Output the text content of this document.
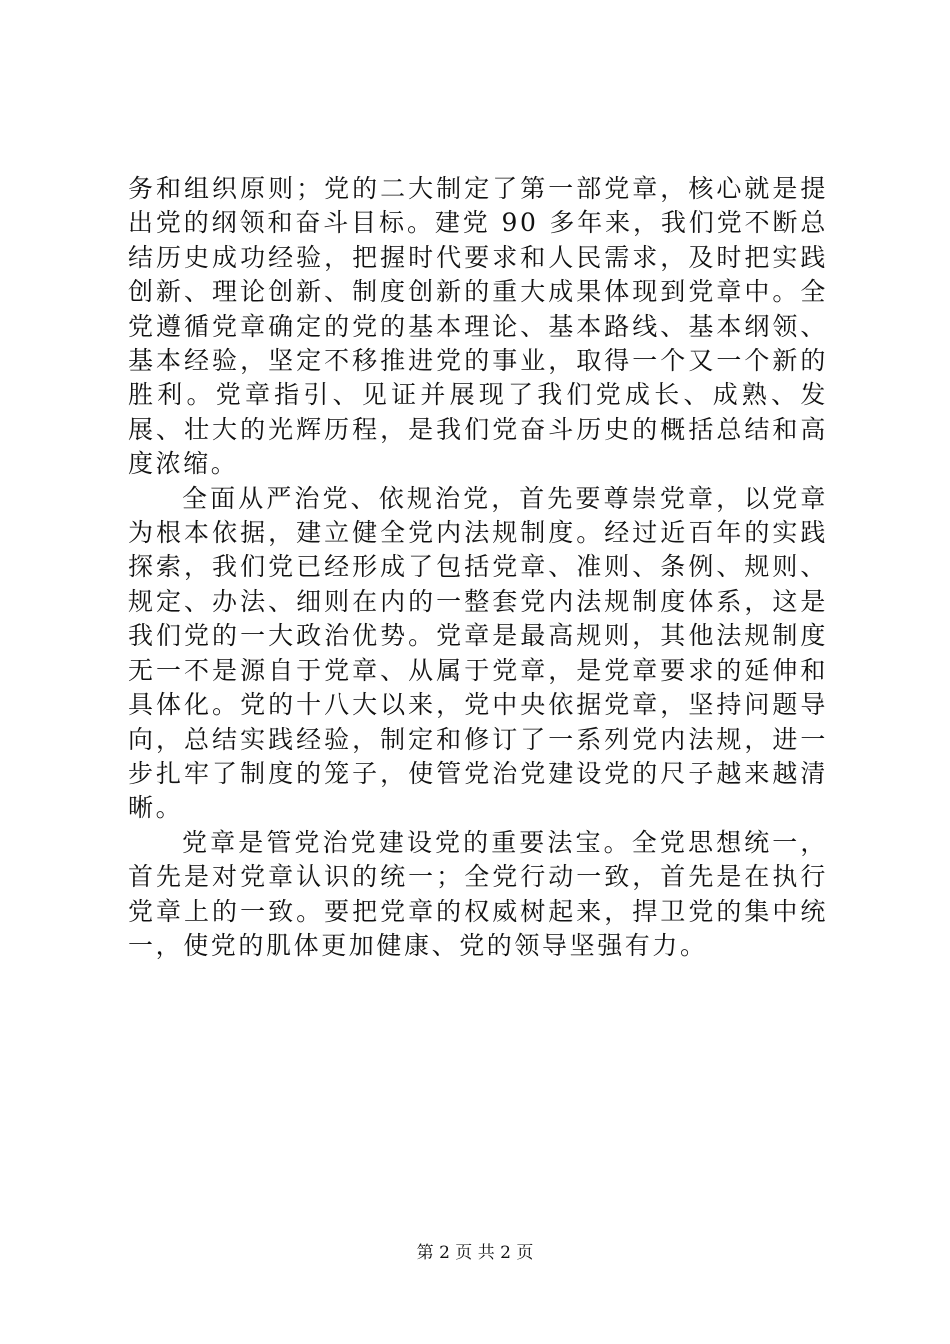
务和组织原则；党的二大制定了第一部党章，核心就是提出党的纲领和奋斗目标。建党 90 多年来，我们党不断总结历史成功经验，把握时代要求和人民需求，及时把实践创新、理论创新、制度创新的重大成果体现到党章中。全党遵循党章确定的党的基本理论、基本路线、基本纲领、基本经验，坚定不移推进党的事业，取得一个又一个新的胜利。党章指引、见证并展现了我们党成长、成熟、发展、壮大的光辉历程，是我们党奋斗历史的概括总结和高度浓缩。

全面从严治党、依规治党，首先要尊崇党章，以党章为根本依据，建立健全党内法规制度。经过近百年的实践探索，我们党已经形成了包括党章、准则、条例、规则、规定、办法、细则在内的一整套党内法规制度体系，这是我们党的一大政治优势。党章是最高规则，其他法规制度无一不是源自于党章、从属于党章，是党章要求的延伸和具体化。党的十八大以来，党中央依据党章，坚持问题导向，总结实践经验，制定和修订了一系列党内法规，进一步扎牢了制度的笼子，使管党治党建设党的尺子越来越清晰。

党章是管党治党建设党的重要法宝。全党思想统一，首先是对党章认识的统一；全党行动一致，首先是在执行党章上的一致。要把党章的权威树起来，捍卫党的集中统一，使党的肌体更加健康、党的领导坚强有力。

第 2 页 共 2 页
